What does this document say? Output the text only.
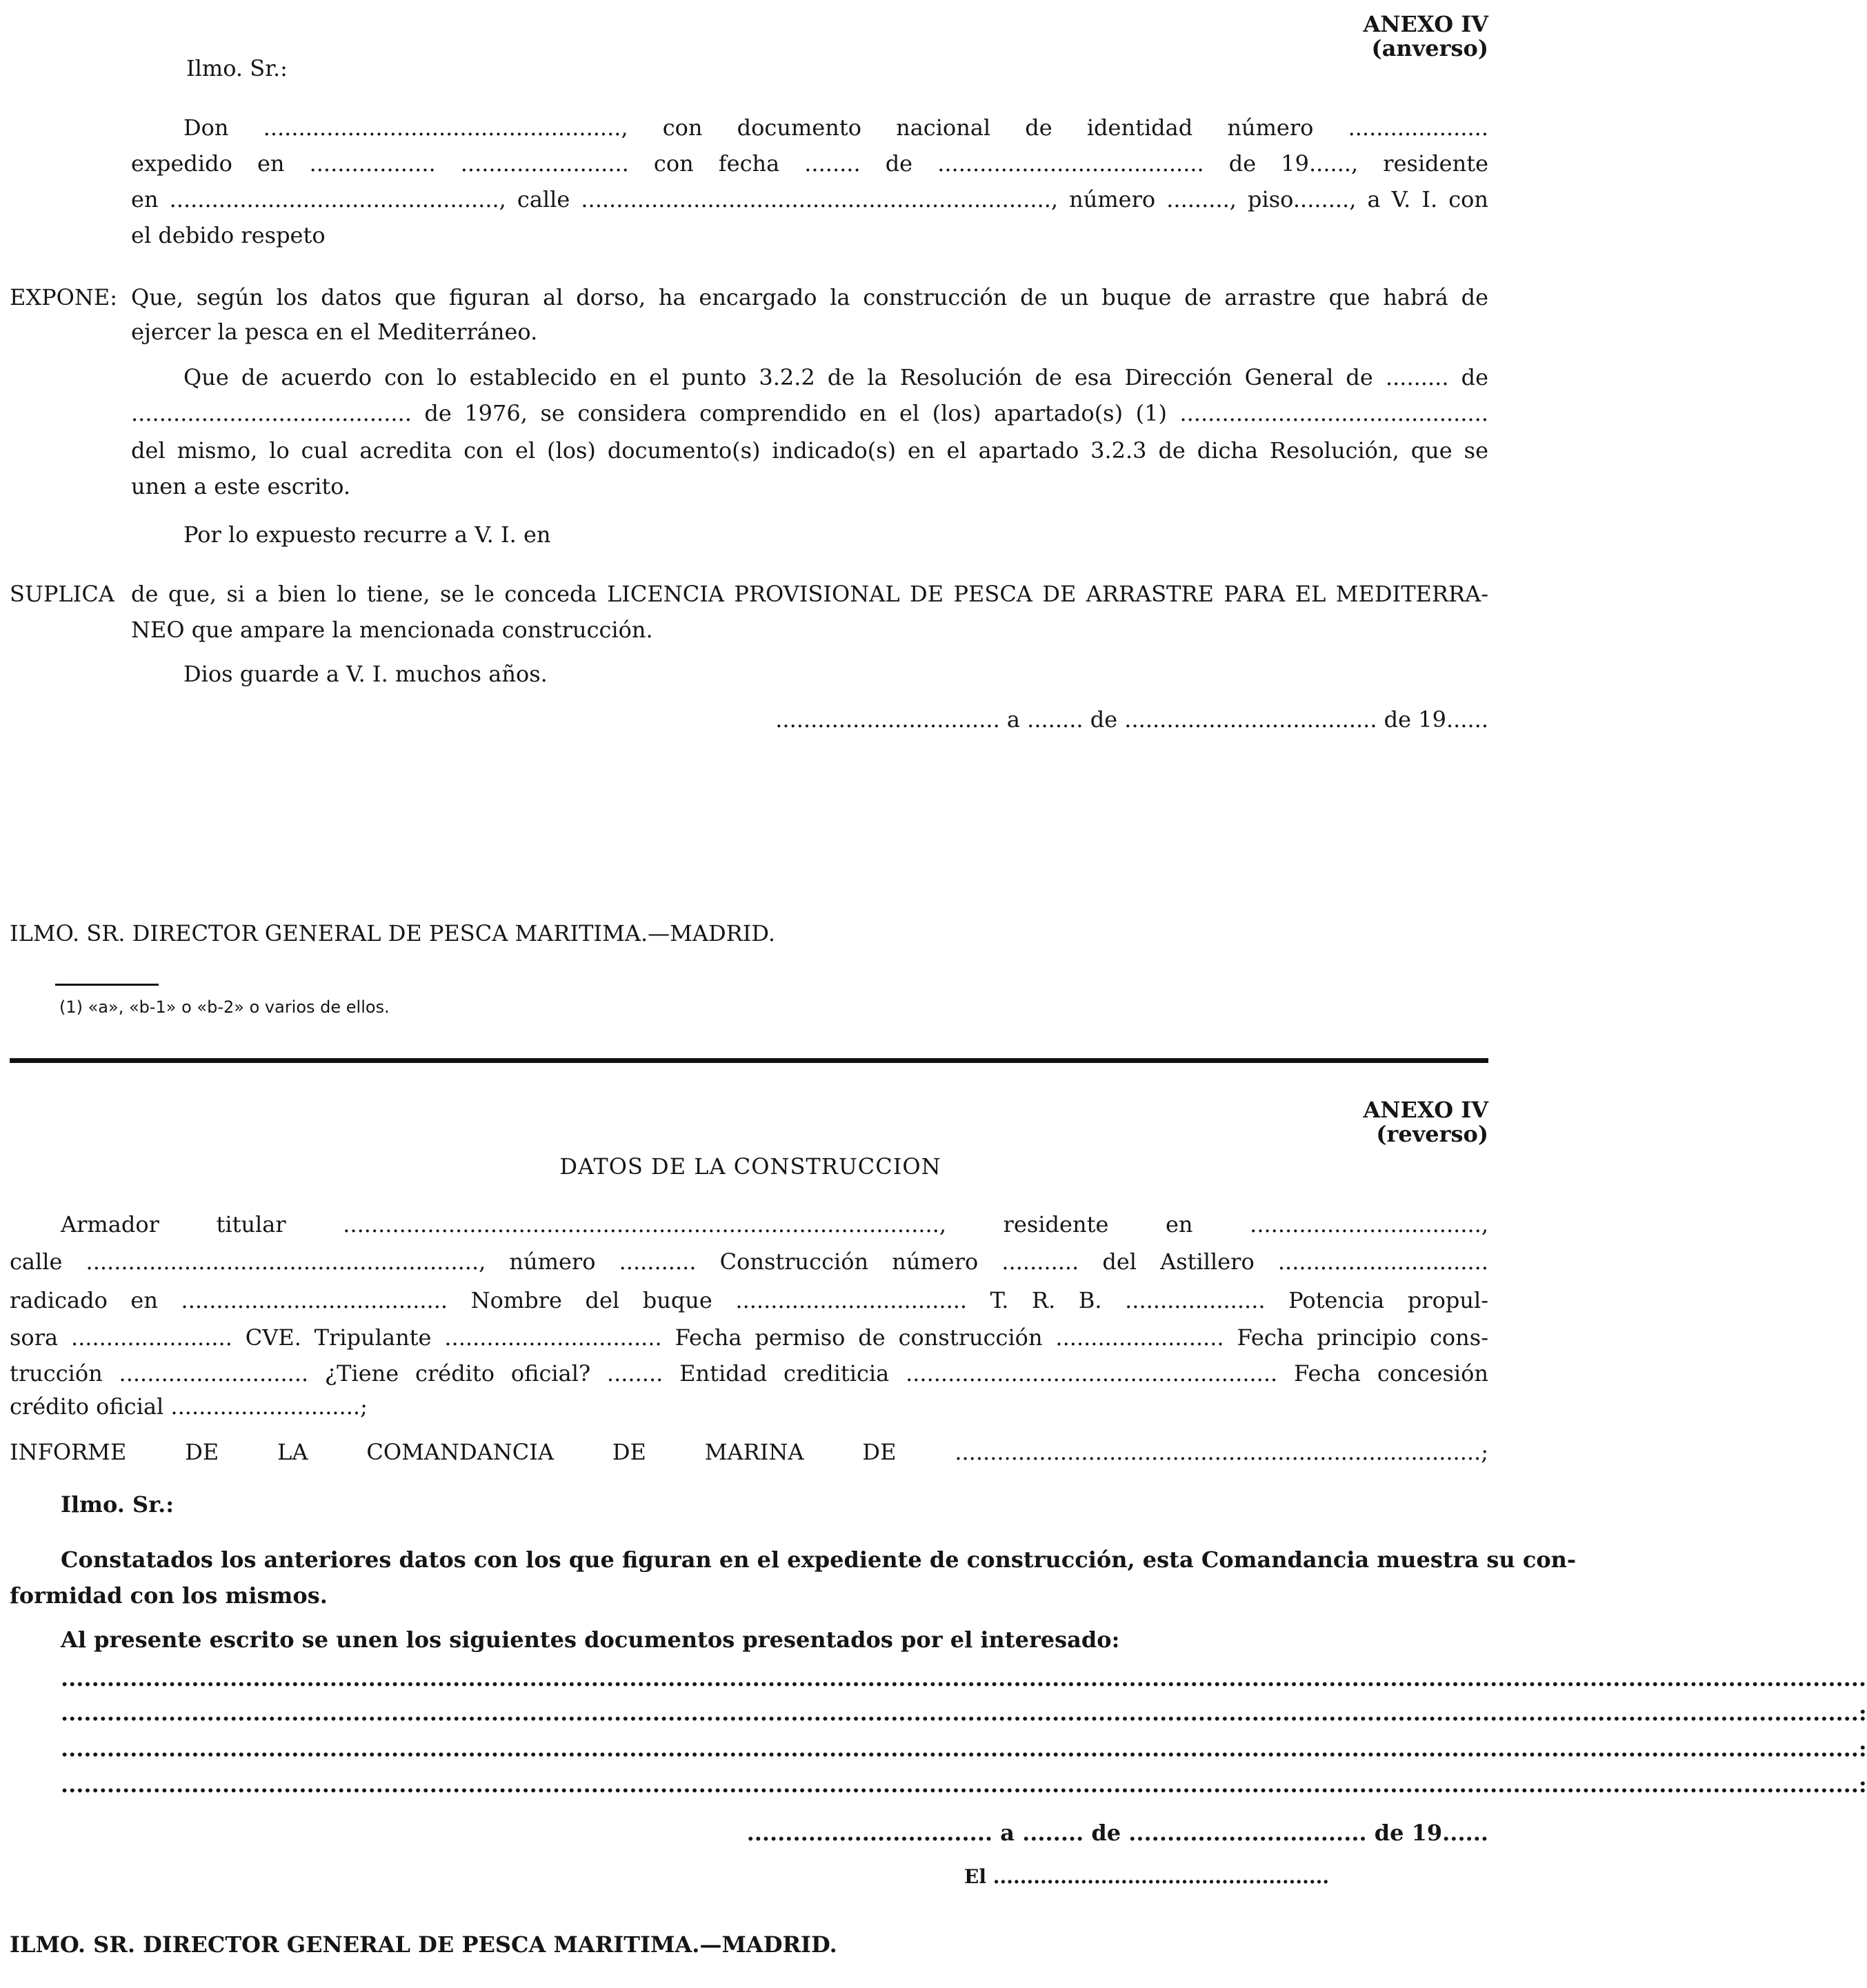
ANEXO IV
(anverso)
Ilmo. Sr.:
Don ..................................................., con documento nacional de identidad número ....................
expedido en .................. ........................ con fecha ........ de ...................................... de 19......, residente
en ..............................................., calle ..................................................................., número ........., piso........, a V. I. con
el debido respeto
EXPONE: Que, según los datos que figuran al dorso, ha encargado la construcción de un buque de arrastre que habrá de
ejercer la pesca en el Mediterráneo.
Que de acuerdo con lo establecido en el punto 3.2.2 de la Resolución de esa Dirección General de ......... de
........................................ de 1976, se considera comprendido en el (los) apartado(s) (1) ............................................
del mismo, lo cual acredita con el (los) documento(s) indicado(s) en el apartado 3.2.3 de dicha Resolución, que se
unen a este escrito.
Por lo expuesto recurre a V. I. en
SUPLICA de que, si a bien lo tiene, se le conceda LICENCIA PROVISIONAL DE PESCA DE ARRASTRE PARA EL MEDITERRA-
NEO que ampare la mencionada construcción.
Dios guarde a V. I. muchos años.
................................ a ........ de .................................... de 19......
ILMO. SR. DIRECTOR GENERAL DE PESCA MARITIMA.—MADRID.
(1) «a», «b-1» o «b-2» o varios de ellos.
ANEXO IV
(reverso)
DATOS DE LA CONSTRUCCION
Armador titular ....................................................................................., residente en .................................,
calle ........................................................, número ........... Construcción número ........... del Astillero ..............................
radicado en ...................................... Nombre del buque ................................. T. R. B. .................... Potencia propul-
sora ....................... CVE. Tripulante ............................... Fecha permiso de construcción ........................ Fecha principio cons-
trucción ........................... ¿Tiene crédito oficial? ........ Entidad crediticia ..................................................... Fecha concesión
crédito oficial ...........................;
INFORME DE LA COMANDANCIA DE MARINA DE ...........................................................................;
Ilmo. Sr.:
Constatados los anteriores datos con los que figuran en el expediente de construcción, esta Comandancia muestra su con-
formidad con los mismos.
Al presente escrito se unen los siguientes documentos presentados por el interesado:
...........................................................................................................................................................................................................................................
..........................................................................................................................................................................................................................................:
..........................................................................................................................................................................................................................................:
..........................................................................................................................................................................................................................................:
................................ a ........ de ............................... de 19......
El ..................................................
ILMO. SR. DIRECTOR GENERAL DE PESCA MARITIMA.—MADRID.
